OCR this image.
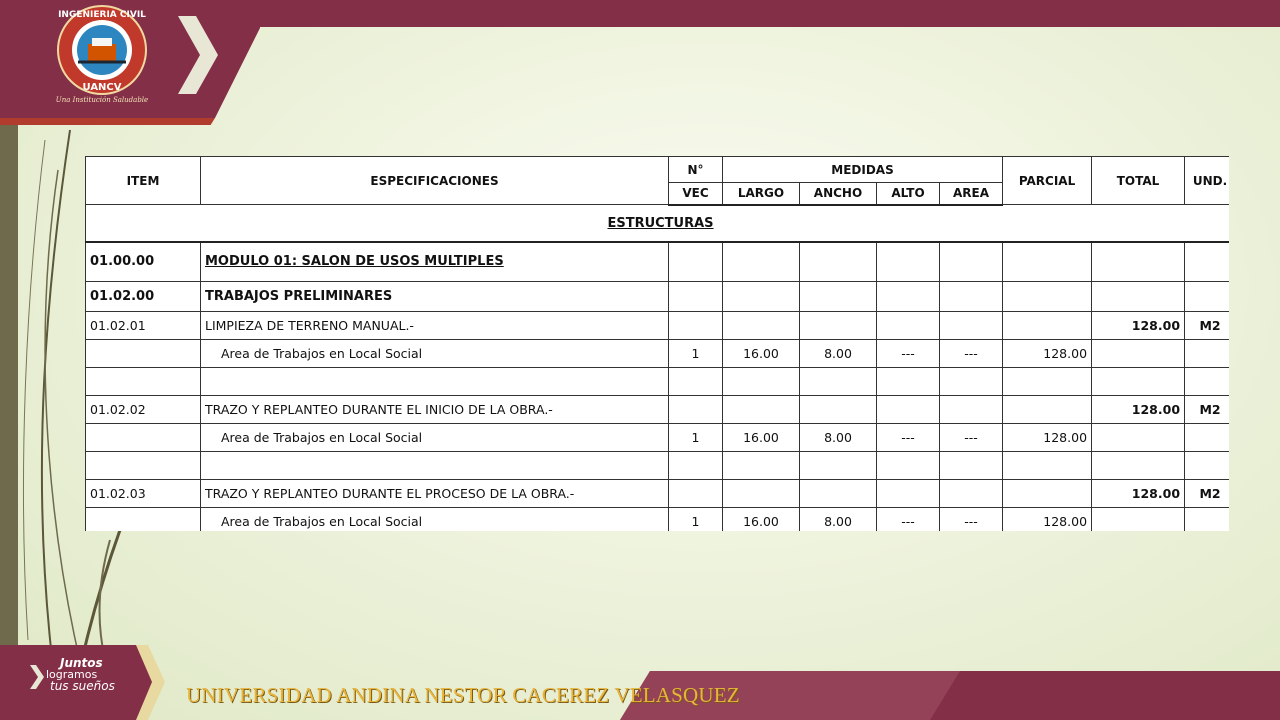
INGENIERIA CIVIL
UANCV
Una Institución Saludable
ITEM	ESPECIFICACIONES	N°	MEDIDAS				PARCIAL	TOTAL	UND.
		VEC	LARGO	ANCHO	ALTO	AREA			
ESTRUCTURAS									
01.00.00	MODULO 01: SALON DE USOS MULTIPLES								
01.02.00	TRABAJOS PRELIMINARES								
01.02.01	LIMPIEZA DE TERRENO MANUAL.-							128.00	M2
	Area de Trabajos en Local Social	1	16.00	8.00	---	---	128.00		

01.02.02	TRAZO Y REPLANTEO DURANTE EL INICIO DE LA OBRA.-							128.00	M2
	Area de Trabajos en Local Social	1	16.00	8.00	---	---	128.00		

01.02.03	TRAZO Y REPLANTEO DURANTE EL PROCESO DE LA OBRA.-							128.00	M2
	Area de Trabajos en Local Social	1	16.00	8.00	---	---	128.00		
Juntos
logramos
tus sueños	UNIVERSIDAD ANDINA NESTOR CACEREZ VELASQUEZ
